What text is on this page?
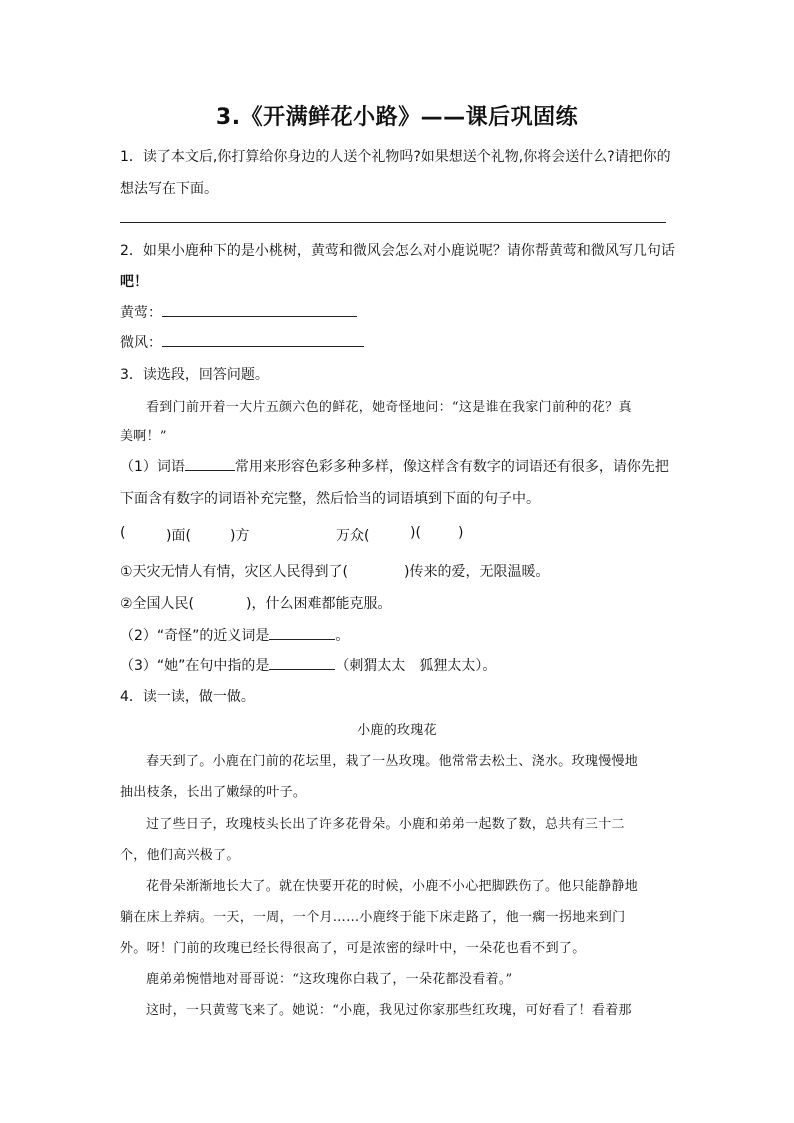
3.《开满鲜花小路》——课后巩固练
1．读了本文后,你打算给你身边的人送个礼物吗?如果想送个礼物,你将会送什么?请把你的
想法写在下面。
2．如果小鹿种下的是小桃树，黄莺和微风会怎么对小鹿说呢？请你帮黄莺和微风写几句话
吧！
黄莺：
微风：
3．读选段，回答问题。
看到门前开着一大片五颜六色的鲜花，她奇怪地问：“这是谁在我家门前种的花？真
美啊！”
（1）词语	常用来形容色彩多种多样，像这样含有数字的词语还有很多，请你先把
下面含有数字的词语补充完整，然后恰当的词语填到下面的句子中。
(	)面(	)方	万众(	)(	)
①天灾无情人有情，灾区人民得到了(	)传来的爱，无限温暖。
②全国人民(	)，什么困难都能克服。
（2）“奇怪”的近义词是	。
（3）“她”在句中指的是	（刺猬太太　狐狸太太）。
4．读一读，做一做。
小鹿的玫瑰花
春天到了。小鹿在门前的花坛里，栽了一丛玫瑰。他常常去松土、浇水。玫瑰慢慢地
抽出枝条，长出了嫩绿的叶子。
过了些日子，玫瑰枝头长出了许多花骨朵。小鹿和弟弟一起数了数，总共有三十二
个，他们高兴极了。
花骨朵渐渐地长大了。就在快要开花的时候，小鹿不小心把脚跌伤了。他只能静静地
躺在床上养病。一天，一周，一个月……小鹿终于能下床走路了，他一瘸一拐地来到门
外。呀！门前的玫瑰已经长得很高了，可是浓密的绿叶中，一朵花也看不到了。
鹿弟弟惋惜地对哥哥说：“这玫瑰你白栽了，一朵花都没看着。”
这时，一只黄莺飞来了。她说：“小鹿，我见过你家那些红玫瑰，可好看了！看着那
